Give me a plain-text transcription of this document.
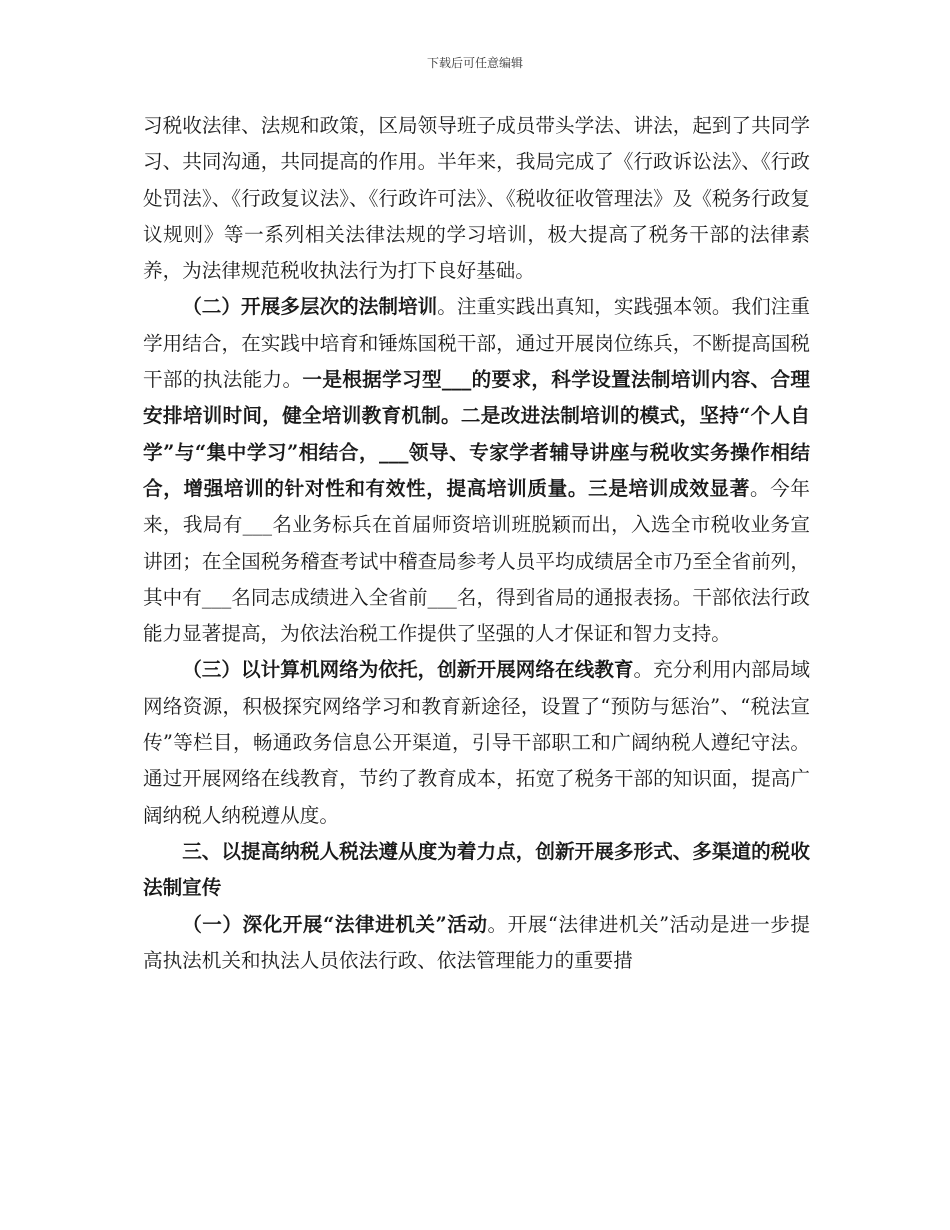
下载后可任意编辑

习税收法律、法规和政策，区局领导班子成员带头学法、讲法，起到了共同学习、共同沟通，共同提高的作用。半年来，我局完成了《行政诉讼法》、《行政处罚法》、《行政复议法》、《行政许可法》、《税收征收管理法》及《税务行政复议规则》等一系列相关法律法规的学习培训，极大提高了税务干部的法律素养，为法律规范税收执法行为打下良好基础。

（二）开展多层次的法制培训。注重实践出真知，实践强本领。我们注重学用结合，在实践中培育和锤炼国税干部，通过开展岗位练兵，不断提高国税干部的执法能力。一是根据学习型___的要求，科学设置法制培训内容、合理安排培训时间，健全培训教育机制。二是改进法制培训的模式，坚持“个人自学”与“集中学习”相结合，___领导、专家学者辅导讲座与税收实务操作相结合，增强培训的针对性和有效性，提高培训质量。三是培训成效显著。今年来，我局有___名业务标兵在首届师资培训班脱颖而出，入选全市税收业务宣讲团；在全国税务稽查考试中稽查局参考人员平均成绩居全市乃至全省前列，其中有___名同志成绩进入全省前___名，得到省局的通报表扬。干部依法行政能力显著提高，为依法治税工作提供了坚强的人才保证和智力支持。

（三）以计算机网络为依托，创新开展网络在线教育。充分利用内部局域网络资源，积极探究网络学习和教育新途径，设置了“预防与惩治”、“税法宣传”等栏目，畅通政务信息公开渠道，引导干部职工和广阔纳税人遵纪守法。通过开展网络在线教育，节约了教育成本，拓宽了税务干部的知识面，提高广阔纳税人纳税遵从度。

三、以提高纳税人税法遵从度为着力点，创新开展多形式、多渠道的税收法制宣传

（一）深化开展“法律进机关”活动。开展“法律进机关”活动是进一步提高执法机关和执法人员依法行政、依法管理能力的重要措
